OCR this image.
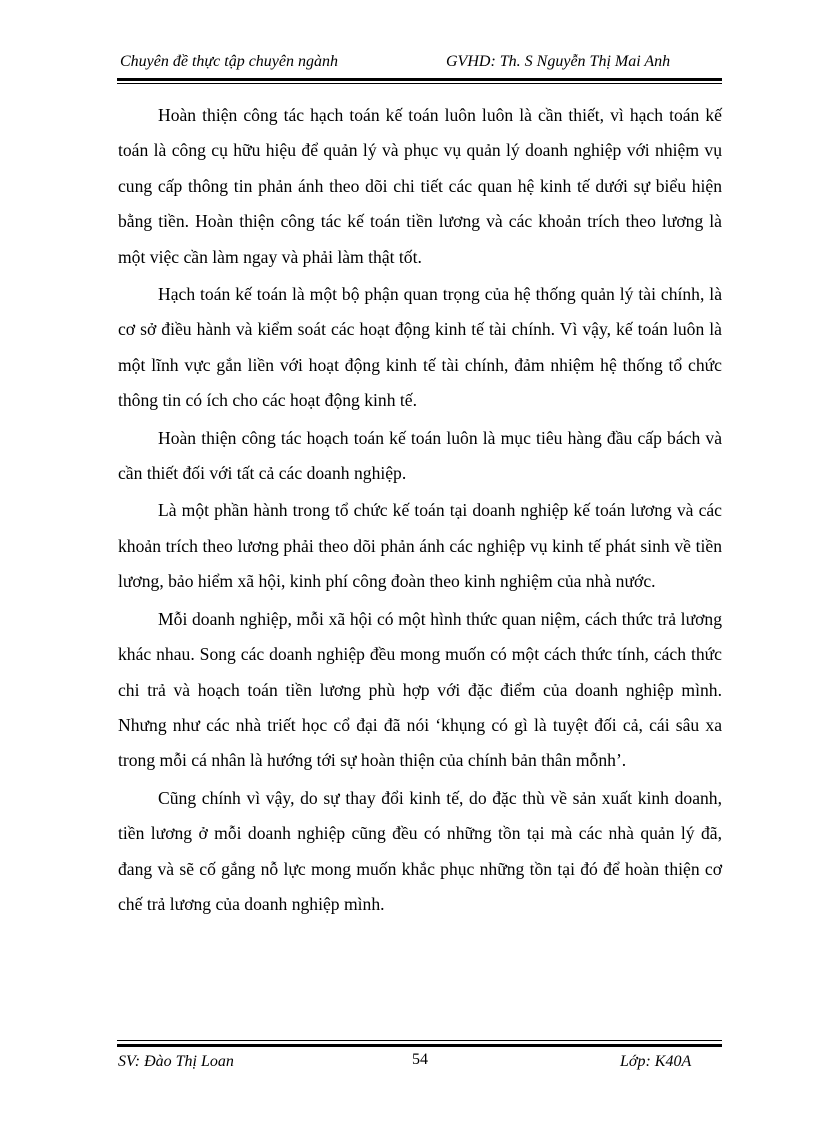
Chuyên đề thực tập chuyên ngành	GVHD: Th. S Nguyễn Thị Mai Anh

Hoàn thiện công tác hạch toán kế toán luôn luôn là cần thiết, vì hạch toán kế toán là công cụ hữu hiệu để quản lý và phục vụ quản lý doanh nghiệp với nhiệm vụ cung cấp thông tin phản ánh theo dõi chi tiết các quan hệ kinh tế dưới sự biểu hiện bằng tiền. Hoàn thiện công tác kế toán tiền lương và các khoản trích theo lương là một việc cần làm ngay và phải làm thật tốt.

Hạch toán kế toán là một bộ phận quan trọng của hệ thống quản lý tài chính, là cơ sở điều hành và kiểm soát các hoạt động kinh tế tài chính. Vì vậy, kế toán luôn là một lĩnh vực gắn liền với hoạt động kinh tế tài chính, đảm nhiệm hệ thống tổ chức thông tin có ích cho các hoạt động kinh tế.

Hoàn thiện công tác hoạch toán kế toán luôn là mục tiêu hàng đầu cấp bách và cần thiết đối với tất cả các doanh nghiệp.

Là một phần hành trong tổ chức kế toán tại doanh nghiệp kế toán lương và các khoản trích theo lương phải theo dõi phản ánh các nghiệp vụ kinh tế phát sinh về tiền lương, bảo hiểm xã hội, kinh phí công đoàn theo kinh nghiệm của nhà nước.

Mỗi doanh nghiệp, mỗi xã hội có một hình thức quan niệm, cách thức trả lương khác nhau. Song các doanh nghiệp đều mong muốn có một cách thức tính, cách thức chi trả và hoạch toán tiền lương phù hợp với đặc điểm của doanh nghiệp mình. Nhưng như các nhà triết học cổ đại đã nói ‘khụng có gì là tuyệt đối cả, cái sâu xa trong mỗi cá nhân là hướng tới sự hoàn thiện của chính bản thân mỗnh’.

Cũng chính vì vậy, do sự thay đổi kinh tế, do đặc thù về sản xuất kinh doanh, tiền lương ở mỗi doanh nghiệp cũng đều có những tồn tại mà các nhà quản lý đã, đang và sẽ cố gắng nỗ lực mong muốn khắc phục những tồn tại đó để hoàn thiện cơ chế trả lương của doanh nghiệp mình.

SV: Đào Thị Loan	54	Lớp: K40A
